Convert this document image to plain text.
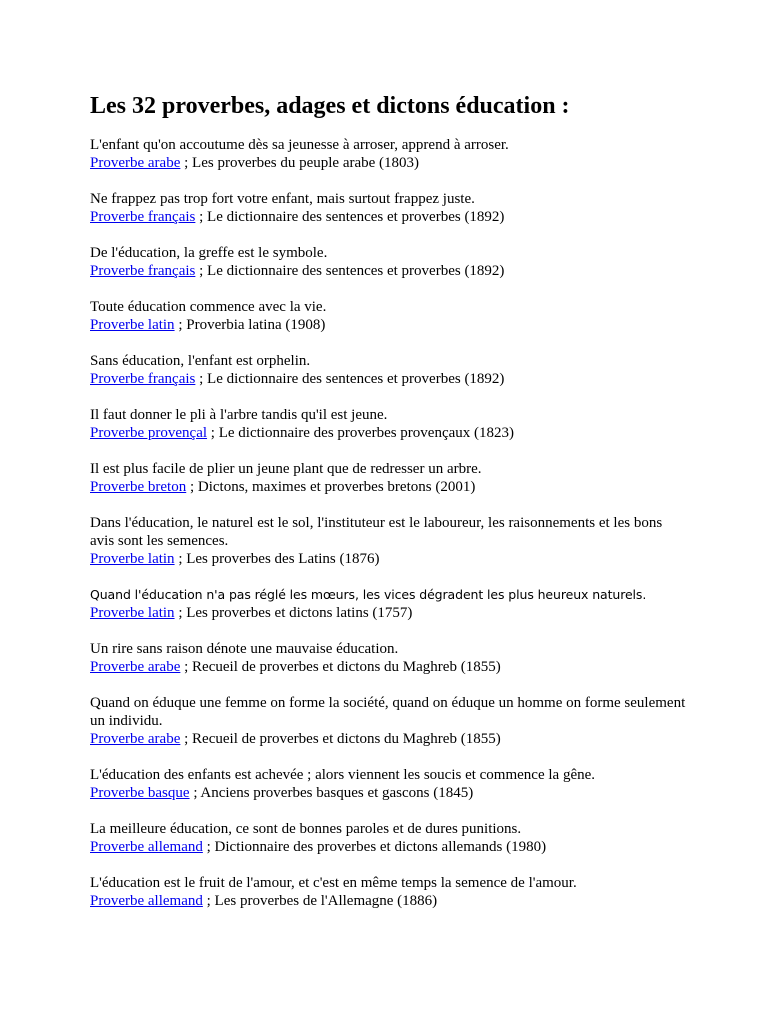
Les 32 proverbes, adages et dictons éducation :
L'enfant qu'on accoutume dès sa jeunesse à arroser, apprend à arroser.
Proverbe arabe ; Les proverbes du peuple arabe (1803)
Ne frappez pas trop fort votre enfant, mais surtout frappez juste.
Proverbe français ; Le dictionnaire des sentences et proverbes (1892)
De l'éducation, la greffe est le symbole.
Proverbe français ; Le dictionnaire des sentences et proverbes (1892)
Toute éducation commence avec la vie.
Proverbe latin ; Proverbia latina (1908)
Sans éducation, l'enfant est orphelin.
Proverbe français ; Le dictionnaire des sentences et proverbes (1892)
Il faut donner le pli à l'arbre tandis qu'il est jeune.
Proverbe provençal ; Le dictionnaire des proverbes provençaux (1823)
Il est plus facile de plier un jeune plant que de redresser un arbre.
Proverbe breton ; Dictons, maximes et proverbes bretons (2001)
Dans l'éducation, le naturel est le sol, l'instituteur est le laboureur, les raisonnements et les bons avis sont les semences.
Proverbe latin ; Les proverbes des Latins (1876)
Quand l'éducation n'a pas réglé les mœurs, les vices dégradent les plus heureux naturels.
Proverbe latin ; Les proverbes et dictons latins (1757)
Un rire sans raison dénote une mauvaise éducation.
Proverbe arabe ; Recueil de proverbes et dictons du Maghreb (1855)
Quand on éduque une femme on forme la société, quand on éduque un homme on forme seulement un individu.
Proverbe arabe ; Recueil de proverbes et dictons du Maghreb (1855)
L'éducation des enfants est achevée ; alors viennent les soucis et commence la gêne.
Proverbe basque ; Anciens proverbes basques et gascons (1845)
La meilleure éducation, ce sont de bonnes paroles et de dures punitions.
Proverbe allemand ; Dictionnaire des proverbes et dictons allemands (1980)
L'éducation est le fruit de l'amour, et c'est en même temps la semence de l'amour.
Proverbe allemand ; Les proverbes de l'Allemagne (1886)
